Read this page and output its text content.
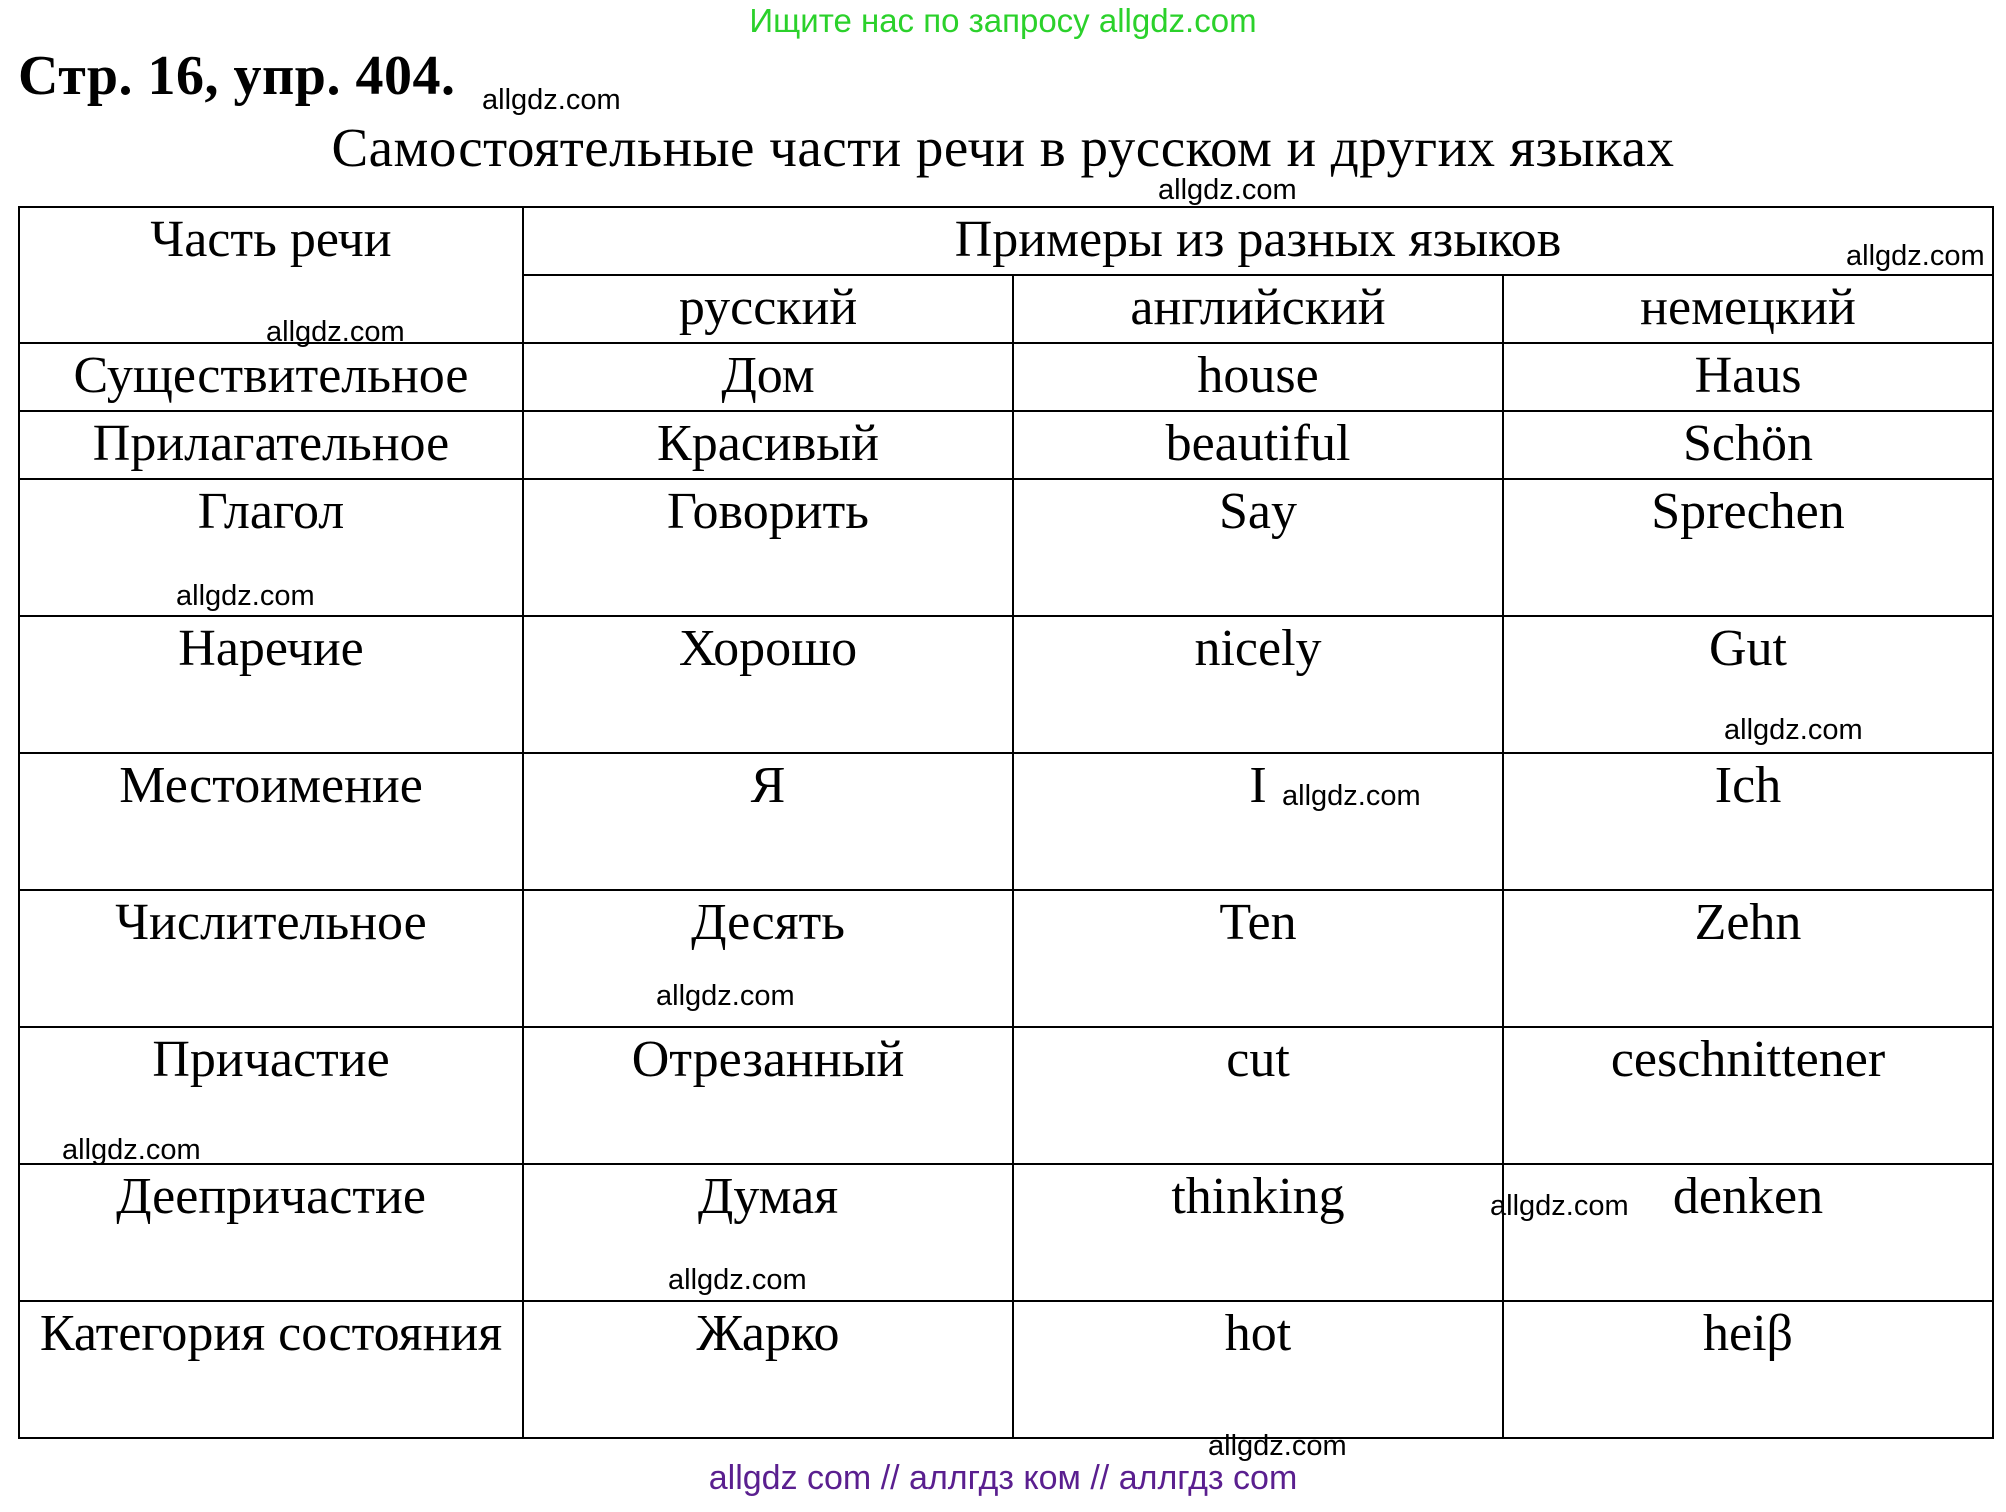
Ищите нас по запросу allgdz.com
Стр. 16, упр. 404. allgdz.com
Самостоятельные части речи в русском и других языках
allgdz.com
Часть речи	Примеры из разных языков		
	русский	английский	немецкий
Существительное	Дом	house	Haus
Прилагательное	Красивый	beautiful	Schön
Глагол	Говорить	Say	Sprechen
Наречие	Хорошо	nicely	Gut
Местоимение	Я	I	Ich
Числительное	Десять	Ten	Zehn
Причастие	Отрезанный	cut	ceschnittener
Деепричастие	Думая	thinking	denken
Категория состояния	Жарко	hot	heiβ
allgdz.com
allgdz.com
allgdz.com
allgdz.com
allgdz.com
allgdz.com
allgdz.com
allgdz.com
allgdz.com
allgdz.com
allgdz com // аллгдз ком // аллгдз com
